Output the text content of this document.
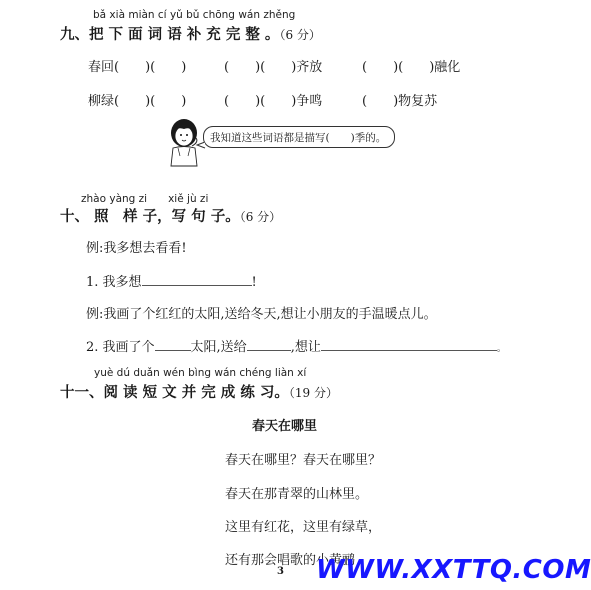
bǎ xià miàn cí yǔ bǔ chōng wán zhěng
九、把 下 面 词 语 补 充 完 整 。（6 分）
春回(　　)(　　)	(　　)(　　)齐放	(　　)(　　)融化
柳绿(　　)(　　)	(　　)(　　)争鸣	(　　)物复苏
我知道这些词语都是描写(　　)季的。
zhào yàng zi　　xiě jù zi
十、 照　样 子，写 句 子。（6 分）
例:我多想去看看!
1. 我多想	!
例:我画了个红红的太阳,送给冬天,想让小朋友的手温暖点儿。
2. 我画了个	太阳,送给	,想让	。
yuè dú duǎn wén bìng wán chéng liàn xí
十一、阅 读 短 文 并 完 成 练 习。（19 分）
春天在哪里
春天在哪里？春天在哪里？
春天在那青翠的山林里。
这里有红花，这里有绿草，
还有那会唱歌的小黄鹂
3 WWW.XXTTQ.COM
